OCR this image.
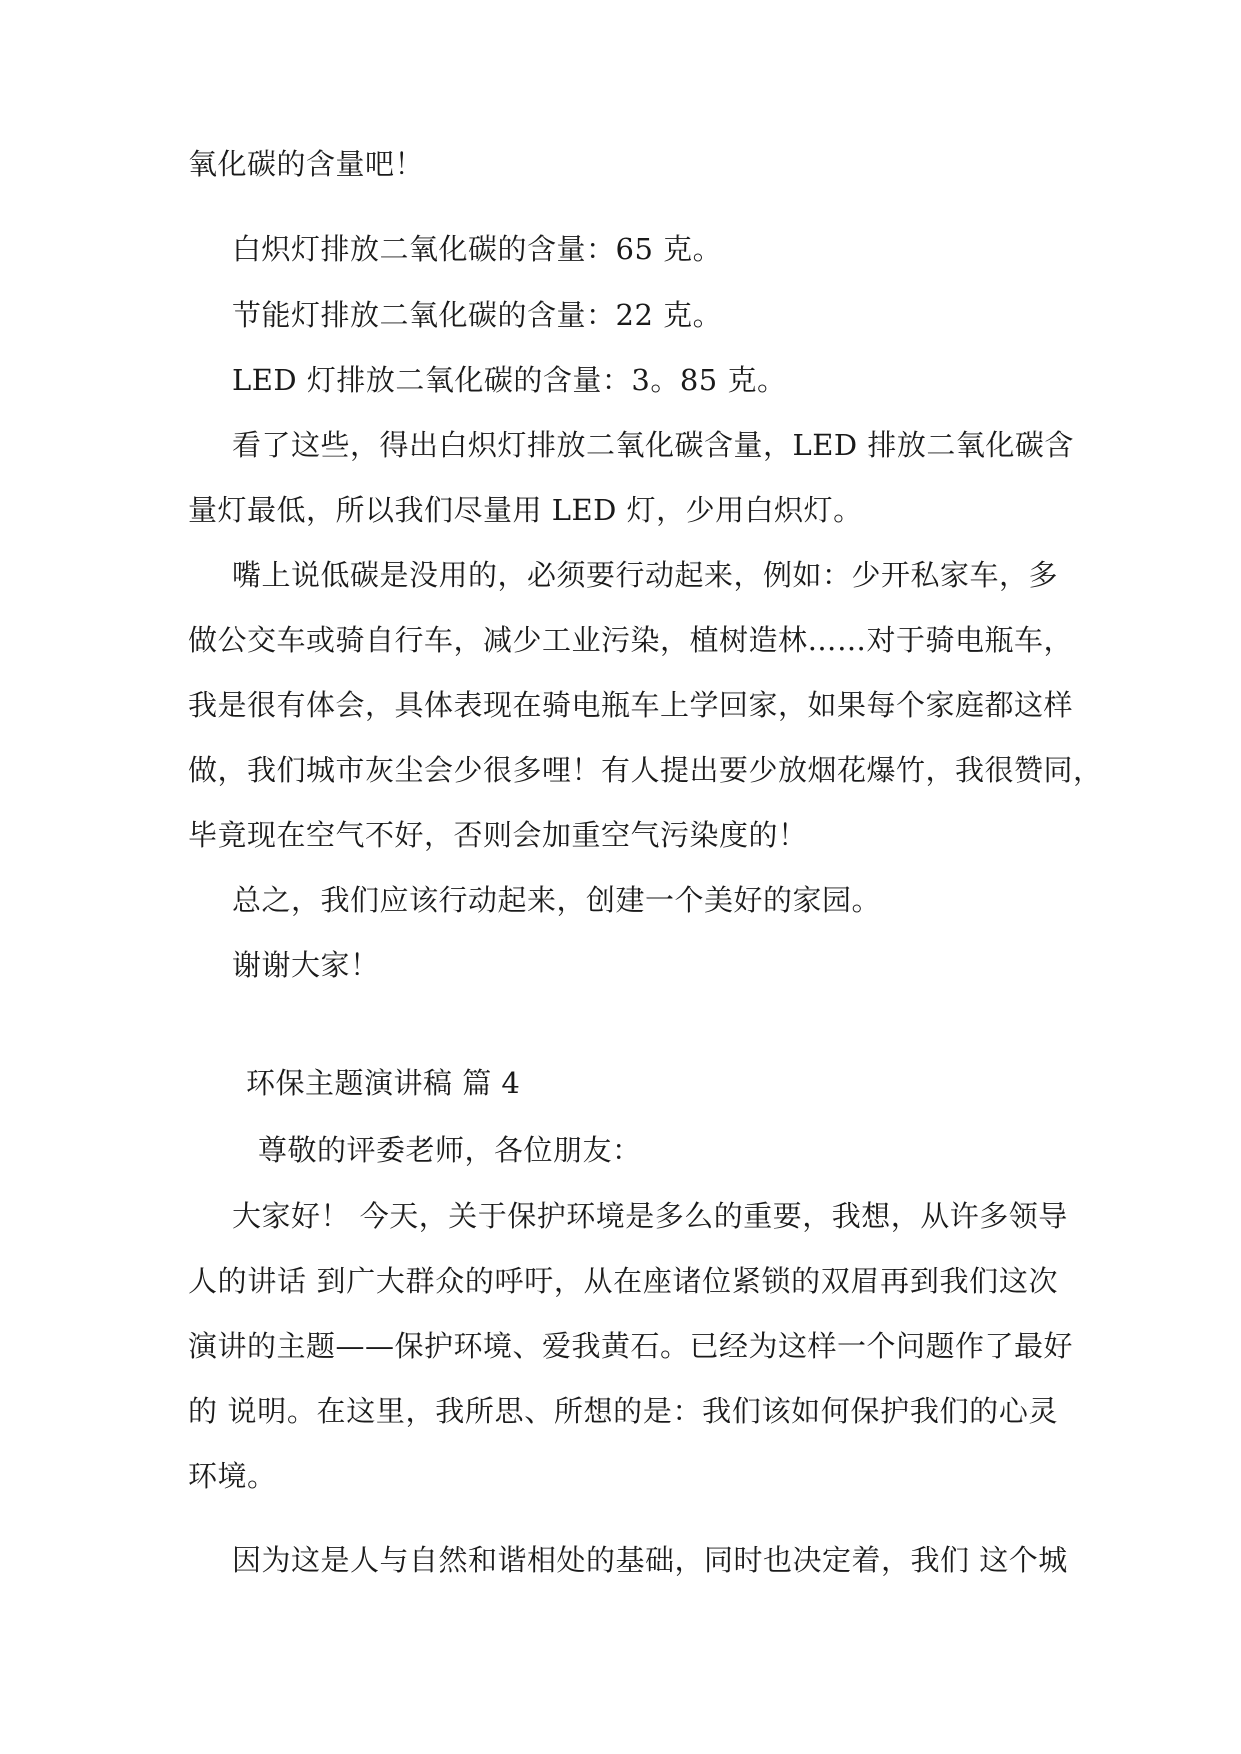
氧化碳的含量吧！
白炽灯排放二氧化碳的含量：65 克。
节能灯排放二氧化碳的含量：22 克。
LED 灯排放二氧化碳的含量：3。85 克。
看了这些，得出白炽灯排放二氧化碳含量，LED 排放二氧化碳含
量灯最低，所以我们尽量用 LED 灯，少用白炽灯。
嘴上说低碳是没用的，必须要行动起来，例如：少开私家车，多
做公交车或骑自行车，减少工业污染，植树造林……对于骑电瓶车，
我是很有体会，具体表现在骑电瓶车上学回家，如果每个家庭都这样
做，我们城市灰尘会少很多哩！有人提出要少放烟花爆竹，我很赞同，
毕竟现在空气不好，否则会加重空气污染度的！
总之，我们应该行动起来，创建一个美好的家园。
谢谢大家！
环保主题演讲稿 篇 4
尊敬的评委老师，各位朋友：
大家好！ 今天，关于保护环境是多么的重要，我想，从许多领导
人的讲话 到广大群众的呼吁，从在座诸位紧锁的双眉再到我们这次
演讲的主题——保护环境、爱我黄石。已经为这样一个问题作了最好
的 说明。在这里，我所思、所想的是：我们该如何保护我们的心灵
环境。
因为这是人与自然和谐相处的基础，同时也决定着，我们 这个城
